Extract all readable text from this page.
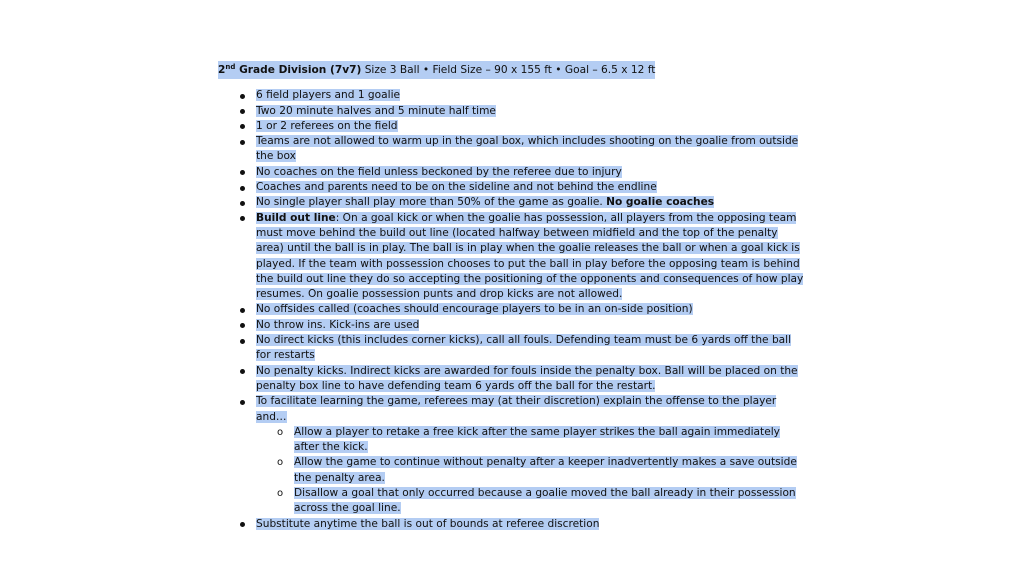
2nd Grade Division (7v7) Size 3 Ball • Field Size – 90 x 155 ft • Goal – 6.5 x 12 ft
6 field players and 1 goalie
Two 20 minute halves and 5 minute half time
1 or 2 referees on the field
Teams are not allowed to warm up in the goal box, which includes shooting on the goalie from outside the box
No coaches on the field unless beckoned by the referee due to injury
Coaches and parents need to be on the sideline and not behind the endline
No single player shall play more than 50% of the game as goalie. No goalie coaches
Build out line: On a goal kick or when the goalie has possession, all players from the opposing team must move behind the build out line (located halfway between midfield and the top of the penalty area) until the ball is in play. The ball is in play when the goalie releases the ball or when a goal kick is played. If the team with possession chooses to put the ball in play before the opposing team is behind the build out line they do so accepting the positioning of the opponents and consequences of how play resumes. On goalie possession punts and drop kicks are not allowed.
No offsides called (coaches should encourage players to be in an on-side position)
No throw ins. Kick-ins are used
No direct kicks (this includes corner kicks), call all fouls. Defending team must be 6 yards off the ball for restarts
No penalty kicks. Indirect kicks are awarded for fouls inside the penalty box. Ball will be placed on the penalty box line to have defending team 6 yards off the ball for the restart.
To facilitate learning the game, referees may (at their discretion) explain the offense to the player and…
o Allow a player to retake a free kick after the same player strikes the ball again immediately after the kick.
o Allow the game to continue without penalty after a keeper inadvertently makes a save outside the penalty area.
o Disallow a goal that only occurred because a goalie moved the ball already in their possession across the goal line.
Substitute anytime the ball is out of bounds at referee discretion
